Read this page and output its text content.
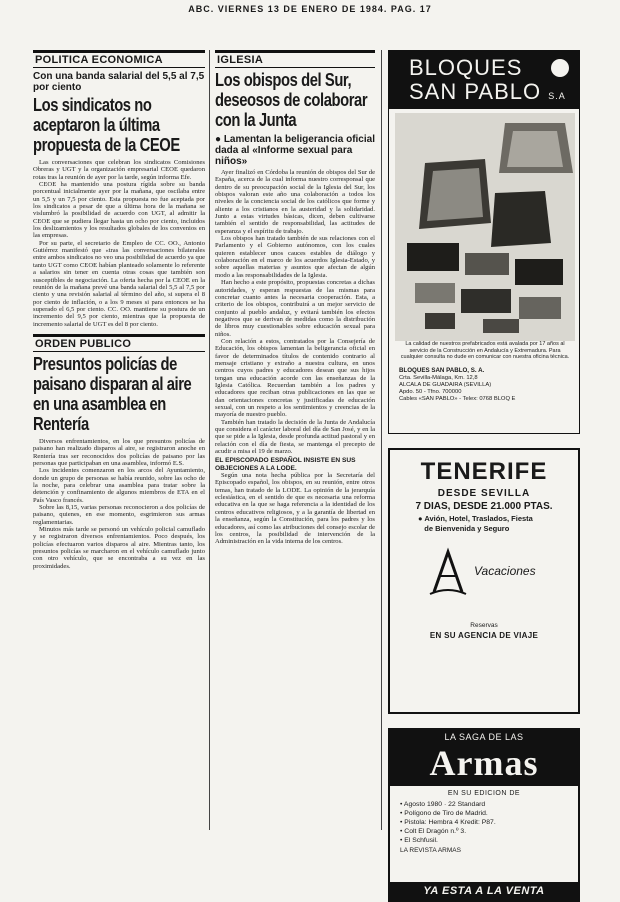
ABC. VIERNES 13 DE ENERO DE 1984. PAG. 17
POLITICA ECONOMICA
Con una banda salarial del 5,5 al 7,5 por ciento
Los sindicatos no aceptaron la última propuesta de la CEOE

Las conversaciones que celebran los sindicatos Comisiones Obreras y UGT y la organización empresarial CEOE quedaron rotas tras la reunión de ayer por la tarde, según informa Efe.

CEOE ha mantenido una postura rígida sobre su banda porcentual inicialmente ayer por la mañana, que oscilaba entre un 5,5 y un 7,5 por ciento. Esta propuesta no fue aceptada por los sindicatos a pesar de que a última hora de la mañana se vislumbró la posibilidad de acuerdo con UGT, al admitir la CEOE que se pudiera llegar hasta un ocho por ciento, incluidos los deslizamientos y los resultados globales de los convenios en las empresas.

Por su parte, el secretario de Empleo de CC. OO., Antonio Gutiérrez manifestó que «tras las conversaciones bilaterales entre ambos sindicatos no veo una posibilidad de acuerdo ya que tanto UGT como CEOE habían planteado solamente lo referente a salarios sin tener en cuenta otras cosas que también son susceptibles de negociación. La oferta hecha por la CEOE en la reunión de la mañana prevé una banda salarial del 5,5 al 7,5 por ciento y una revisión salarial al término del año, si supera el 8 por ciento de inflación, o a los 9 meses si para entonces se ha superado el 6,5 por ciento. CC. OO. mantiene su postura de un incremento del 9,5 por ciento, mientras que la propuesta de incremento salarial de UGT es del 8 por ciento.

ORDEN PUBLICO
Presuntos policías de paisano disparan al aire en una asamblea en Rentería

Diversos enfrentamientos, en los que presuntos policías de paisano han realizado disparos al aire, se registraron anoche en Rentería tras ser reconocidos dos policías de paisano por las personas que participaban en una asamblea, informó E.S.

Los incidentes comenzaron en los arcos del Ayuntamiento, donde un grupo de personas se había reunido, sobre las ocho de la noche, para celebrar una asamblea para tratar sobre la detención y confinamiento de algunos miembros de ETA en el País Vasco francés.

Sobre las 8,15, varias personas reconocieron a dos policías de paisano, quienes, en ese momento, esgrimieron sus armas reglamentarias.

Minutos más tarde se personó un vehículo policial camuflado y se registraron diversos enfrentamientos. Poco después, los policías efectuaron varios disparos al aire. Mientras tanto, los presuntos policías se marcharon en el vehículo camuflado junto con otro vehículo, que se encontraba a su vez en las proximidades.

IGLESIA
Los obispos del Sur, deseosos de colaborar con la Junta
● Lamentan la beligerancia oficial dada al «Informe sexual para niños»

Ayer finalizó en Córdoba la reunión de obispos del Sur de España, acerca de la cual informa nuestro corresponsal que dentro de su preocupación social de la Iglesia del Sur, los obispos valoran este año una colaboración a todos los niveles de la conciencia social de los católicos que forme y aliente a los cristianos en la austeridad y la solidaridad. Junto a estas virtudes básicas, dicen, deben cultivarse también el sentido de responsabilidad, las actitudes de esperanza y el espíritu de trabajo.

Los obispos han tratado también de sus relaciones con el Parlamento y el Gobierno autónomos, con los cuales quieren establecer unos cauces estables de diálogo y colaboración en el marco de los acuerdos Iglesia-Estado, y sobre aquellas materias y asuntos que afectan de algún modo a las responsabilidades de la Iglesia.

Han hecho a este propósito, propuestas concretas a dichas autoridades, y esperan respuestas de las mismas para concretar cuanto antes la necesaria cooperación. Esta, a criterio de los obispos, contribuirá a un mejor servicio de conjunto al pueblo andaluz, y evitará también los efectos negativos que se derivan de medidas como la distribución de libros muy cuestionables sobre educación sexual para niños.

Con relación a estos, contratados por la Consejería de Educación, los obispos lamentan la beligerancia oficial en favor de determinados títulos de contenido contrario al mensaje cristiano y extraño a nuestra cultura, en unos centros cuyos padres y educadores desean que sus hijos tengan una educación acorde con las enseñanzas de la Iglesia Católica. Recuerdan también a los padres y educadores que reciban otras publicaciones en las que se dan orientaciones concretas y justificadas de educación sexual, con un respeto a los sentimientos y creencias de la mayoría de nuestro pueblo.

También han tratado la decisión de la Junta de Andalucía que considera el carácter laboral del día de San José, y en la que se pide a la Iglesia, desde profunda actitud pastoral y en relación con el día de fiesta, se mantenga el precepto de acudir a misa el 19 de marzo.

EL EPISCOPADO ESPAÑOL INSISTE EN SUS OBJECIONES A LA LODE.

Según una nota hecha pública por la Secretaría del Episcopado español, los obispos, en su reunión, entre otros temas, han tratado de la LODE. La opinión de la jerarquía eclesiástica, en el sentido de que es necesaria una reforma educativa en la que se haga referencia a la identidad de los centros educativos religiosos, y a la garantía de libertad en la enseñanza, según la Constitución, para los padres y los educadores, así como las atribuciones del consejo escolar de los centros, la posibilidad de intervención de la Administración en la vida interna de los centros.

BLOQUES
SAN PABLO S.A
La calidad de nuestros prefabricados está avalada por 17 años al servicio de la Construcción en Andalucía y Extremadura. Para cualquier consulta no dude en comunicar con nuestra oficina técnica.
BLOQUES SAN PABLO, S. A.
Crta. Sevilla-Málaga, Km. 12,8
ALCALA DE GUADAIRA (SEVILLA)
Apdo. 50 - Tfno. 700000
Cables «SAN PABLO» - Telex: 0768 BLOQ E
TENERIFE
DESDE SEVILLA
7 DIAS, DESDE 21.000 PTAS.
● Avión, Hotel, Traslados, Fiesta
de Bienvenida y Seguro
Vacaciones
Reservas
EN SU AGENCIA DE VIAJE
LA SAGA DE LAS
Armas
EN SU EDICION DE
• Agosto 1980 · 22 Standard
• Polígono de Tiro de Madrid.
• Pistola: Hembra 4 Kredit: P87.
• Colt El Dragón n.º 3.
• El Schfusil.
LA REVISTA ARMAS
YA ESTA A LA VENTA
